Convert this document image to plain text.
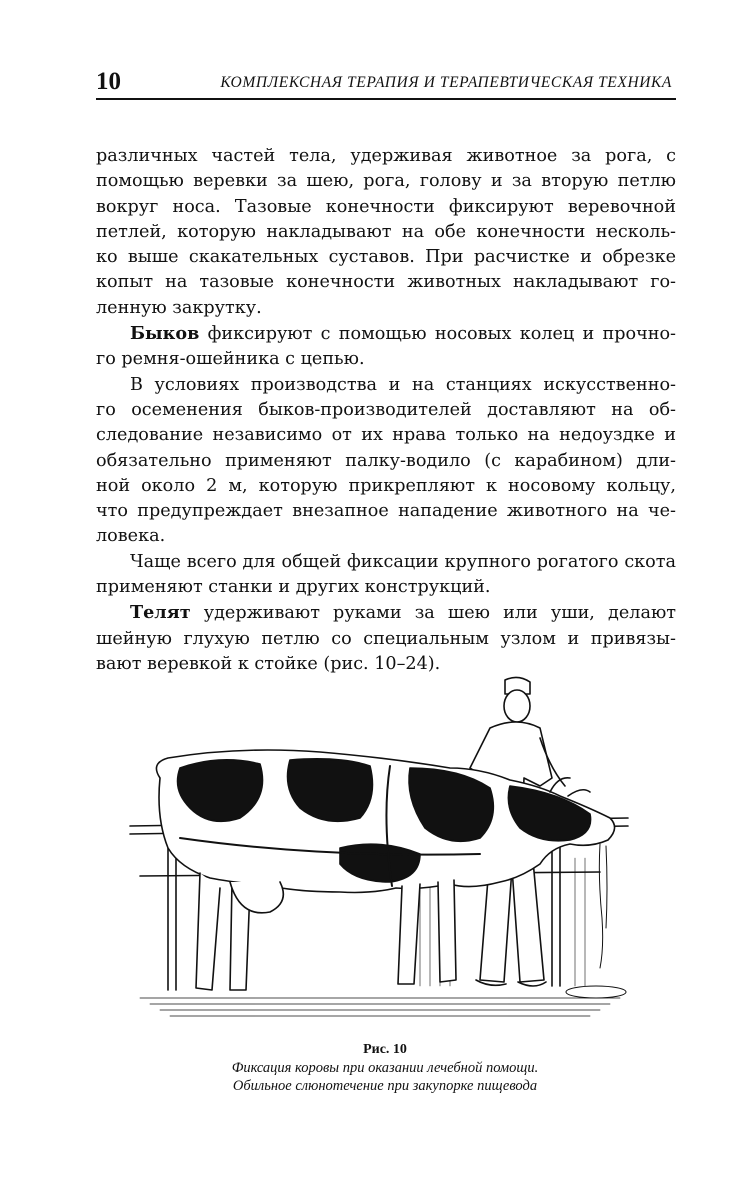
10	КОМПЛЕКСНАЯ ТЕРАПИЯ И ТЕРАПЕВТИЧЕСКАЯ ТЕХНИКА
различных частей тела, удерживая животное за рога, с
помощью веревки за шею, рога, голову и за вторую петлю
вокруг носа. Тазовые конечности фиксируют веревочной
петлей, которую накладывают на обе конечности несколь-
ко выше скакательных суставов. При расчистке и обрезке
копыт на тазовые конечности животных накладывают го-
ленную закрутку.
Быков фиксируют с помощью носовых колец и прочно-
го ремня-ошейника с цепью.
В условиях производства и на станциях искусственно-
го осеменения быков-производителей доставляют на об-
следование независимо от их нрава только на недоуздке и
обязательно применяют палку-водило (с карабином) дли-
ной около 2 м, которую прикрепляют к носовому кольцу,
что предупреждает внезапное нападение животного на че-
ловека.
Чаще всего для общей фиксации крупного рогатого скота
применяют станки и других конструкций.
Телят удерживают руками за шею или уши, делают
шейную глухую петлю со специальным узлом и привязы-
вают веревкой к стойке (рис. 10–24).
Рис. 10
Фиксация коровы при оказании лечебной помощи.
Обильное слюнотечение при закупорке пищевода
